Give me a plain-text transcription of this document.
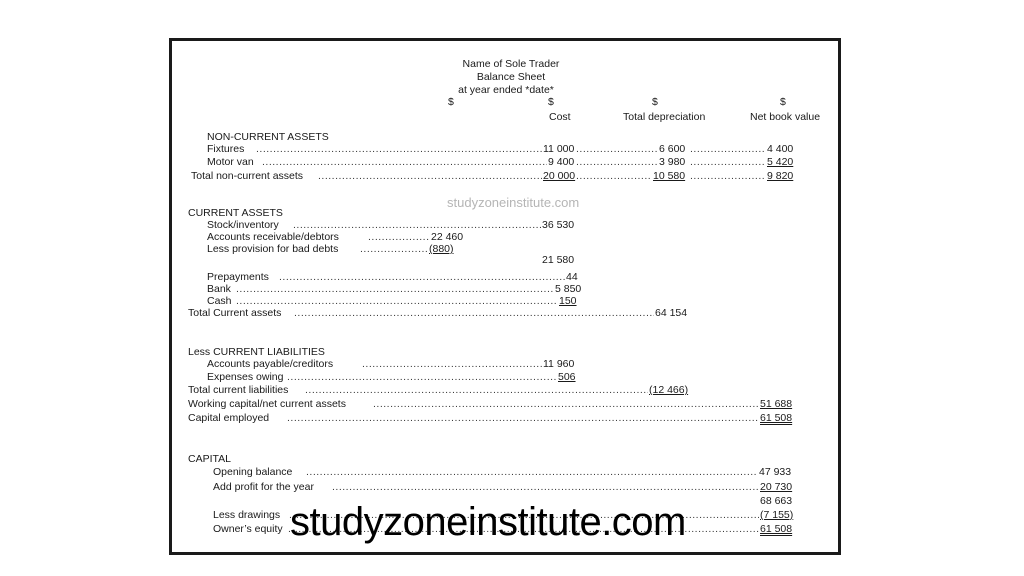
Name of Sole Trader
Balance Sheet
at year ended *date*
$	$	$	$
Cost	Total depreciation	Net book value
NON-CURRENT ASSETS
Fixtures .....	11 000 .....	6 600 .....	4 400
Motor van .....	9 400 .....	3 980 .....	5 420
Total non-current assets .....	20 000 .....	10 580 .....	9 820
studyzoneinstitute.com
CURRENT ASSETS
Stock/inventory .....	36 530
Accounts receivable/debtors .....	22 460
Less provision for bad debts .....	(880)
21 580
Prepayments .....	44
Bank .....	5 850
Cash .....	150
Total Current assets .....	64 154
Less CURRENT LIABILITIES
Accounts payable/creditors .....	11 960
Expenses owing .....	506
Total current liabilities .....	(12 466)
Working capital/net current assets .....	51 688
Capital employed .....	61 508
CAPITAL
Opening balance .....	47 933
Add profit for the year .....	20 730
68 663
Less drawings .....	(7 155)
Owner’s equity .....	61 508
studyzoneinstitute.com
